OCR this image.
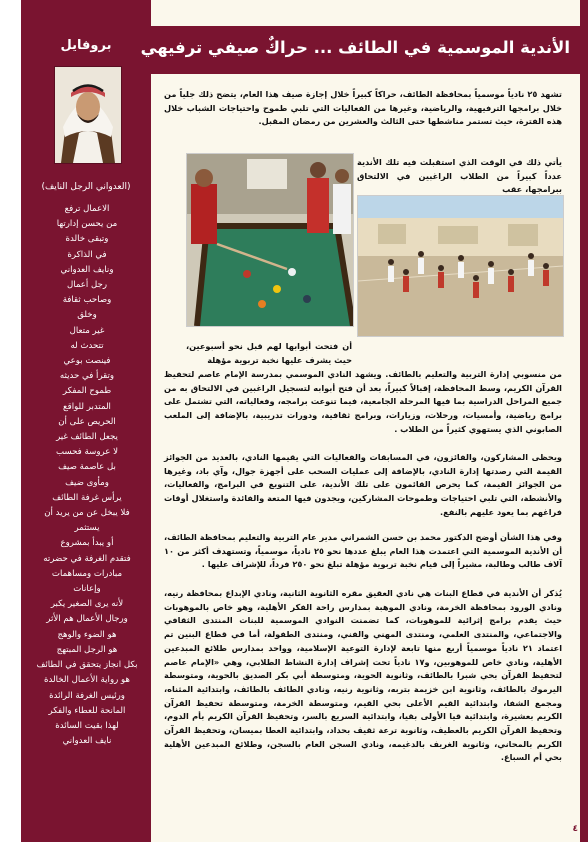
بروفايل
(العدواني الرجل النايف)
الاعمال ترفع
من يحسن إدارتها
وتبقى خالدة
في الذاكرة
ونايف العدواني
رجل أعمال
وصاحب ثقافة
وخلق
غير متعال
تتحدث له
فينصت بوعي
وتقرأ في حديثه
طموح المفكر
المتدبر للواقع
الحريص على أن
يجعل الطائف غير
لا عروسة فحسب
بل عاصمة صيف
ومأوى ضيف
يرأس غرفة الطائف
فلا يبخل عن من يريد أن
يستثمر
أو يبدأ بمشروع
فتقدم الغرفة في حضرته
مبادرات ومساهمات
وإعانات
لأنه يرى الصغير يكبر
ورجال الأعمال هم الأثر
هو الضوء والوهج
هو الرجل المبتهج
بكل انجاز يتحقق في الطائف
هو رواية الأعمال الخالدة
ورئيس الغرفة الرائدة
المانحة للعطاء والفكر
لهذا بقيت السائدة
نايف العدواني
الأندية الموسمية في الطائف ... حراكٌ صيفي ترفيهي
تشهد ٢٥ نادياً موسمياً بمحافظة الطائف، حراكاً كبيراً خلال إجازة صيف هذا العام، يتضح ذلك جلياً من خلال برامجها الترفيهية، والرياضية، وغيرها من الفعاليات التي تلبي طموح واحتياجات الشباب خلال هذه الفترة، حيث تستمر مناشطها حتى الثالث والعشرين من رمضان المقبل.
يأتي ذلك في الوقت الذي استقبلت فيه تلك الأندية عدداً كبيراً من الطلاب الراغبين في الالتحاق ببرامجها، عقب
أن فتحت أبوابها لهم قبل نحو أسبوعين، حيث يشرف عليها نخبة تربوية مؤهلة
من منسوبي إدارة التربية والتعليم بالطائف. ويشهد النادي الموسمي بمدرسة الإمام عاصم لتحفيظ القرآن الكريم، وسط المحافظة، إقبالاً كبيراً، بعد أن فتح أبوابه لتسجيل الراغبين في الالتحاق به من جميع المراحل الدراسية بما فيها المرحلة الجامعية، فيما تنوعت برامجه، وفعالياته، التي تشتمل على برامج رياضية، وأمسيات، ورحلات، وزيارات، وبرامج ثقافية، ودورات تدريبية، بالإضافة إلى الملعب الصابوني الذي يستهوي كثيراً من الطلاب .
ويحظى المشاركون، والفائزون، في المسابقات والفعاليات التي يقيمها النادي، بالعديد من الجوائز القيمة التي رصدتها إدارة النادي، بالإضافة إلى عمليات السحب على أجهزة جوال، وآي باد، وغيرها من الجوائز القيمة، كما يحرص القائمون على تلك الأندية، على التنويع في البرامج، والفعاليات، والأنشطة، التي تلبي احتياجات وطموحات المشاركين، ويجدون فيها المتعة والفائدة واستغلال أوقات فراغهم بما يعود عليهم بالنفع.
وفي هذا الشأن أوضح الدكتور محمد بن حسن الشمراني مدير عام التربية والتعليم بمحافظة الطائف، أن الأندية الموسمية التي اعتمدت هذا العام يبلغ عددها نحو ٢٥ نادياً، موسمياً، وتستهدف أكثر من ١٠ آلاف طالب وطالبة، مشيراً إلى قيام نخبة تربوية مؤهلة تبلغ نحو ٢٥٠ فرداً، للإشراف عليها .
يُذكر أن الأندية في قطاع البنات هي نادي العقيق مقره الثانوية الثانية، ونادي الإبداع بمحافظة رنيه، ونادي الورود بمحافظة الخرمة، ونادي الموهبة بمدارس راحة الفكر الأهلية، وهو خاص بالموهوبات حيث يقدم برامج إثرائية للموهوبات، كما تضمنت النوادي الموسمية للبنات المنتدى الثقافي والاجتماعي، والمنتدى العلمي، ومنتدى المهني والفني، ومنتدى الطفولة، أما في قطاع البنين تم اعتماد ٢١ نادياً موسمياً أربع منها تابعة لإدارة التوعية الإسلامية، وواحد بمدارس طلائع المبدعين الأهلية، ونادي خاص للموهوبين، و١٧ نادياً تحت إشراف إدارة النشاط الطلابي، وهي «الإمام عاصم لتحفيظ القرآن بحي شبرا بالطائف، وثانوية الحوية، ومتوسطة أبي بكر الصديق بالحوية، ومتوسطة اليرموك بالطائف، وثانوية ابن خزيمة بتربه، وثانوية رنيه، ونادي الطائف بالطائف، وابتدائية المثناه، ومجمع الشفا، وابتدائية القيم الأعلى بحي القيم، ومتوسطة الخرمة، ومتوسطة تحفيظ القرآن الكريم بعشيرة، وابتدائية قيا الأولى بقيا، وابتدائية السريع بالسر، وتحفيظ القرآن الكريم بأم الدوم، وتحفيظ القرآن الكريم بالعطيف، وثانوية ترعة ثقيف بحداد، وابتدائية العطا بميسان، وتحفيظ القرآن الكريم بالمحاني، وثانوية الغريف بالدغيمه، ونادي السجن العام بالسجن، وطلائع المبدعين الأهلية بحي أم السباع.
٤
